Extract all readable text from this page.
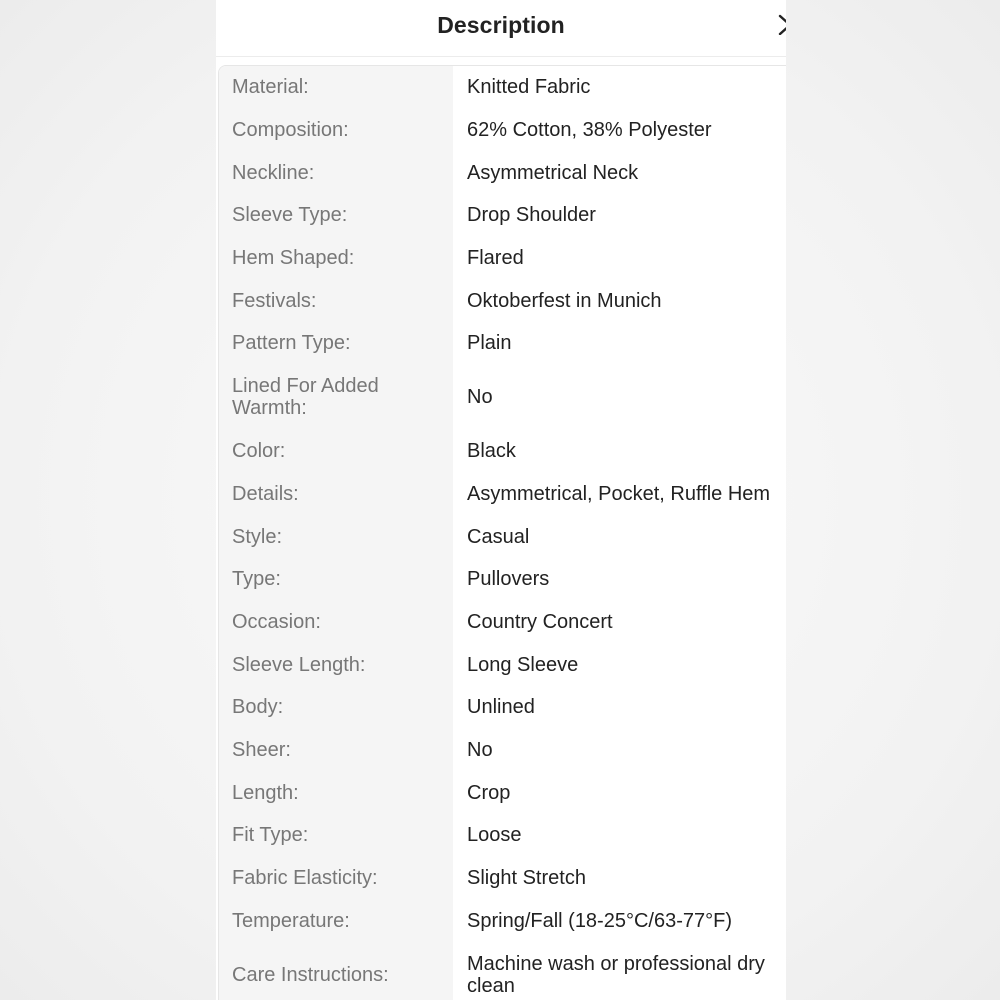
Description
Material:	Knitted Fabric
Composition:	62% Cotton, 38% Polyester
Neckline:	Asymmetrical Neck
Sleeve Type:	Drop Shoulder
Hem Shaped:	Flared
Festivals:	Oktoberfest in Munich
Pattern Type:	Plain
Lined For Added Warmth:	No
Color:	Black
Details:	Asymmetrical, Pocket, Ruffle Hem
Style:	Casual
Type:	Pullovers
Occasion:	Country Concert
Sleeve Length:	Long Sleeve
Body:	Unlined
Sheer:	No
Length:	Crop
Fit Type:	Loose
Fabric Elasticity:	Slight Stretch
Temperature:	Spring/Fall (18-25°C/63-77°F)
Care Instructions:	Machine wash or professional dry clean
